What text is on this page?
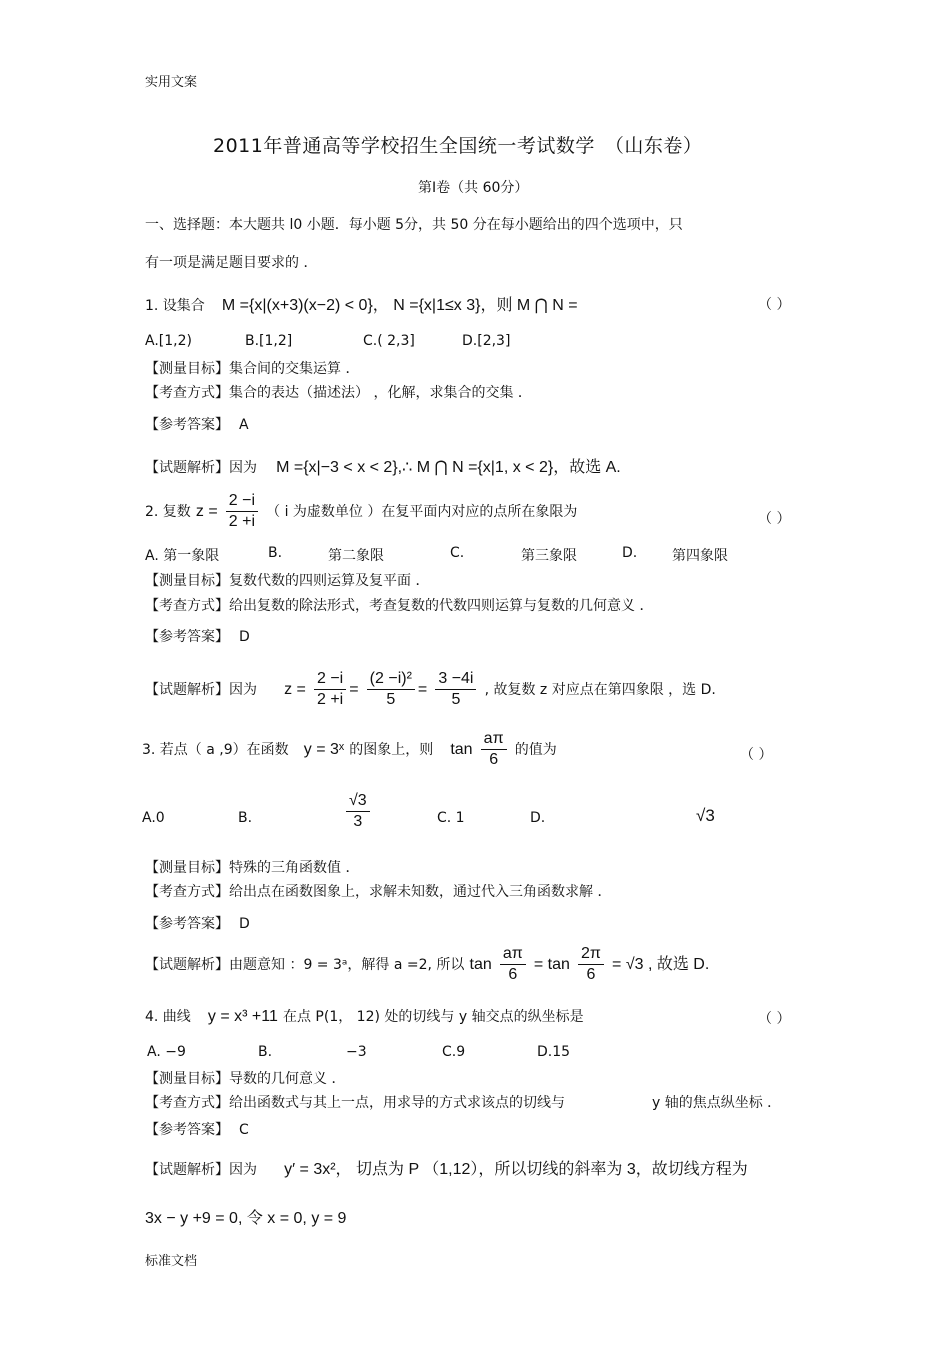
实用文案
标准文档
2011年普通高等学校招生全国统一考试数学　（山东卷）
第Ⅰ卷（共 60分）
一、选择题：本大题共 l0 小题．每小题 5分，共 50 分在每小题给出的四个选项中，只
有一项是满足题目要求的 ．
1. 设集合 M ={x|(x+3)(x−2) < 0}， N ={x|1≤x 3}，则 M ⋂ N =	（ ）
A.[1,2)	B.[1,2]	C.( 2,3]	D.[2,3]
【测量目标】集合间的交集运算 ．
【考查方式】集合的表达（描述法） ，化解，求集合的交集 ．
【参考答案】 A
【试题解析】因为 M ={x|−3 < x < 2},∴ M ⋂ N ={x|1, x < 2}，故选 A.
2. 复数 $z = \frac{2 -i}{2 +i}$ （ i 为虚数单位 ）在复平面内对应的点所在象限为	（ ）
A. 第一象限	B.	第二象限	C.	第三象限	D. 第四象限
【测量目标】复数代数的四则运算及复平面 ．
【考查方式】给出复数的除法形式，考查复数的代数四则运算与复数的几何意义 ．
【参考答案】 D
【试题解析】因为 $z = \frac{2 -i}{2 +i} = \frac{\text{(2 −i)²}}{5} = \frac{3 -4i}{5}$ , 故复数 z 对应点在第四象限 ，选 D.
3. 若点（ a ,9）在函数 y = 3ˣ 的图象上，则 $\tan \frac{a\pi}{6}$ 的值为	（ ）
A.0	B.	$\frac{√3}{3}$	C. 1	D.	√3
【测量目标】特殊的三角函数值 ．
【考查方式】给出点在函数图象上，求解未知数，通过代入三角函数求解 ．
【参考答案】 D
【试题解析】由题意知 ：9 = 3ᵃ，解得 a =2, 所以 $\tan \frac{a\pi}{6} = \tan \frac{2\pi}{6} = √3$ , 故选 D.
4. 曲线 y = x³ +11 在点 P(1， 12) 处的切线与 y 轴交点的纵坐标是	（ ）
A. −9	B.	−3	C.9	D.15
【测量目标】导数的几何意义 ．
【考查方式】给出函数式与其上一点，用求导的方式求该点的切线与	y 轴的焦点纵坐标 ．
【参考答案】 C
【试题解析】因为 y′ = 3x²， 切点为 P （1,12），所以切线的斜率为 3，故切线方程为
3x − y +9 = 0, 令 x = 0, y = 9
